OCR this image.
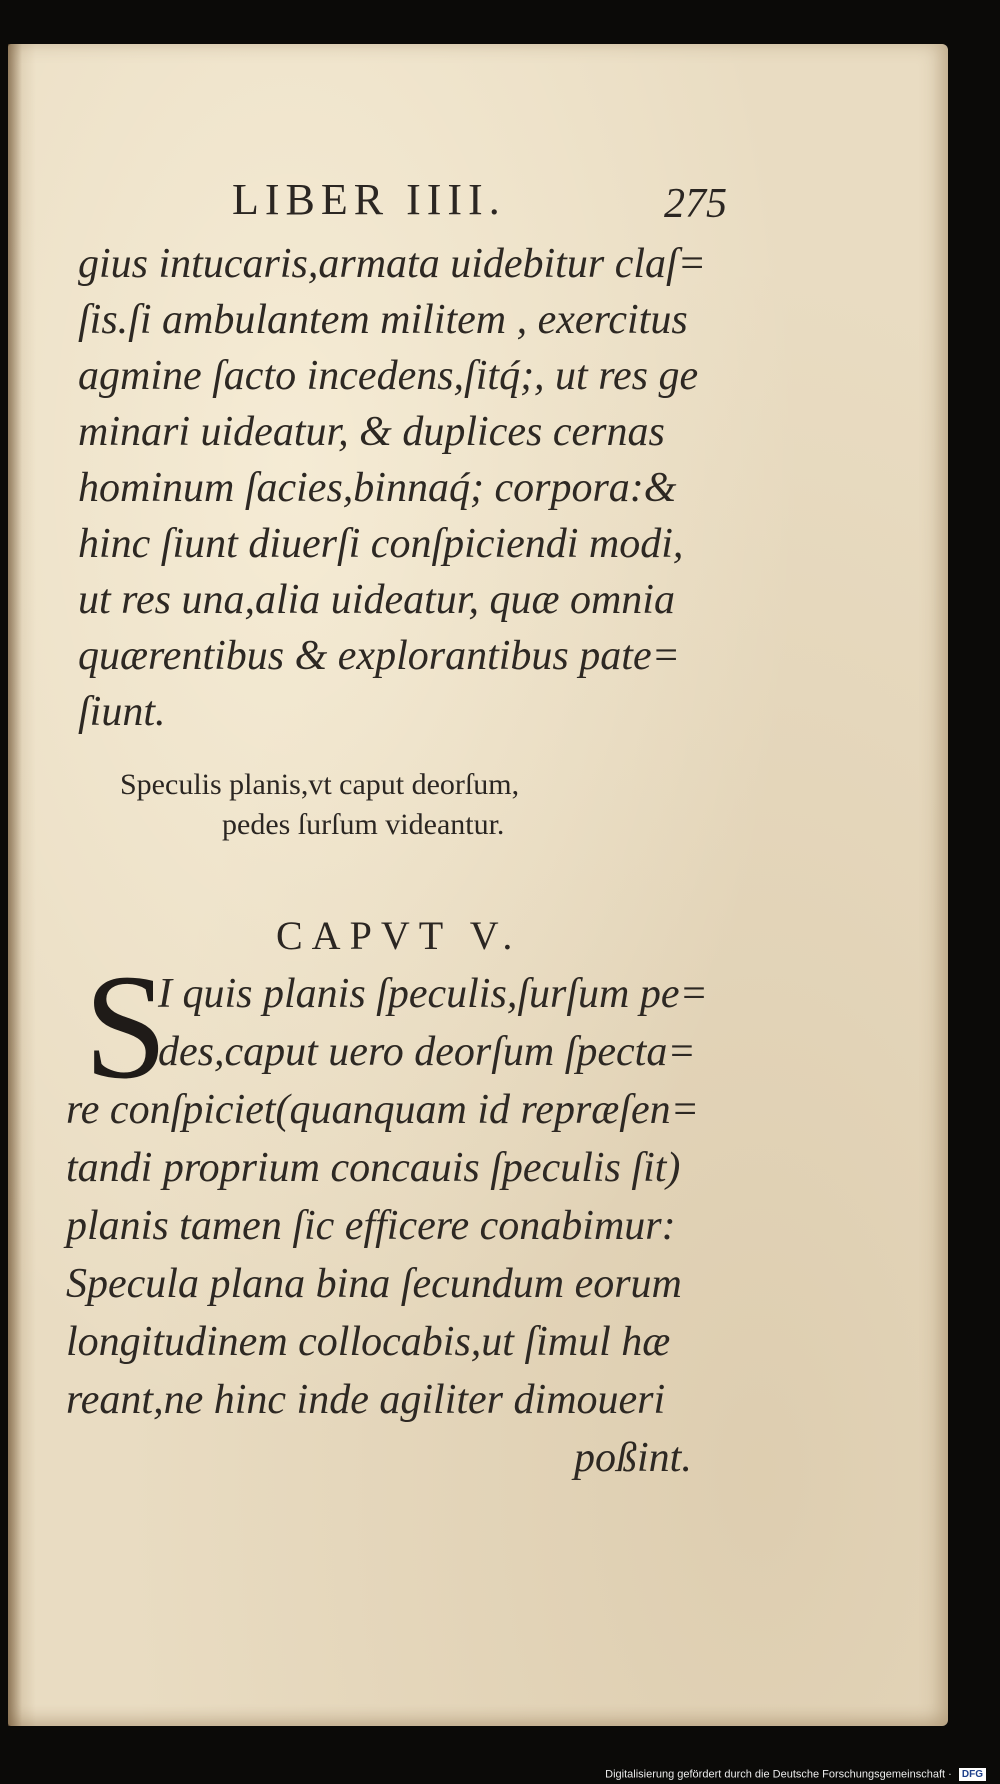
LIBER IIII.	275
gius intucaris,armata uidebitur claſ=
ſis.ſi ambulantem militem , exercitus
agmine ſacto incedens,ſitq́;, ut res ge
minari uideatur, & duplices cernas
hominum ſacies,binnaq́; corpora:&
hinc ſiunt diuerſi conſpiciendi modi,
ut res una,alia uideatur, quæ omnia
quærentibus & explorantibus pate=
ſiunt.
Speculis planis,vt caput deorſum,
pedes ſurſum videantur.
CAPVT V.
S
I quis planis ſpeculis,ſurſum pe=
des,caput uero deorſum ſpecta=
re conſpiciet(quanquam id repræſen=
tandi proprium concauis ſpeculis ſit)
planis tamen ſic efficere conabimur:
Specula plana bina ſecundum eorum
longitudinem collocabis,ut ſimul hæ
reant,ne hinc inde agiliter dimoueri
poßint.
Digitalisierung gefördert durch die Deutsche Forschungsgemeinschaft · DFG
